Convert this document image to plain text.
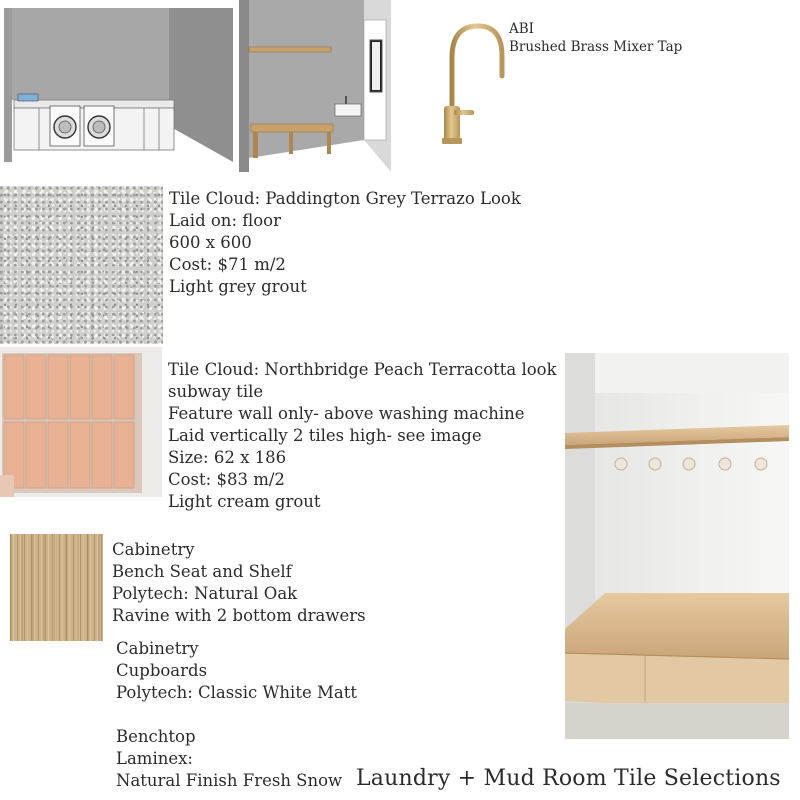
ABI
Brushed Brass Mixer Tap
Tile Cloud: Paddington Grey Terrazo Look
Laid on: floor
600 x 600
Cost: $71 m/2
Light grey grout
Tile Cloud: Northbridge Peach Terracotta look
subway tile
Feature wall only- above washing machine
Laid vertically 2 tiles high- see image
Size: 62 x 186
Cost: $83 m/2
Light cream grout
Cabinetry
Bench Seat and Shelf
Polytech: Natural Oak
Ravine with 2 bottom drawers
Cabinetry
Cupboards
Polytech: Classic White Matt
Benchtop
Laminex:
Natural Finish Fresh Snow Laundry + Mud Room Tile Selections
